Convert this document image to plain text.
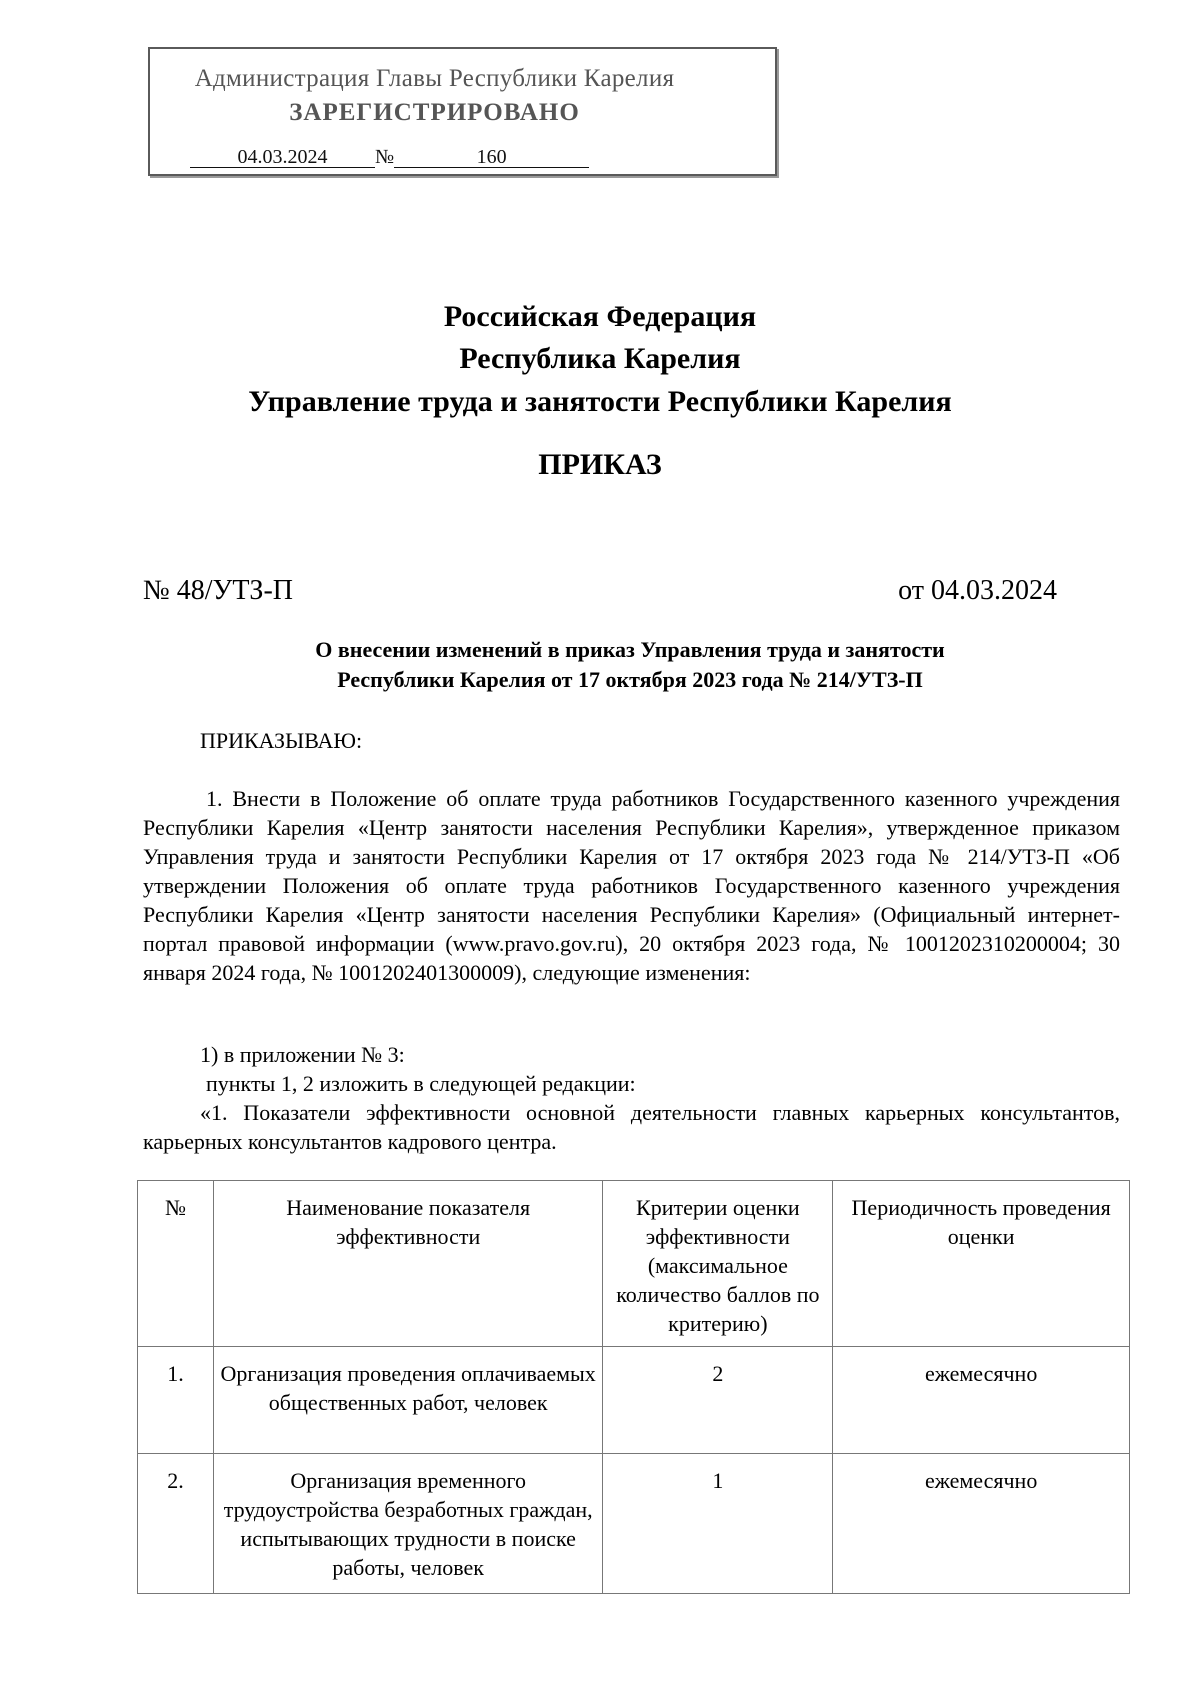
Администрация Главы Республики Карелия
ЗАРЕГИСТРИРОВАНО
04.03.2024 №	160
Российская Федерация
Республика Карелия
Управление труда и занятости Республики Карелия
ПРИКАЗ
№ 48/УТЗ-П	от 04.03.2024
О внесении изменений в приказ Управления труда и занятости
Республики Карелия от 17 октября 2023 года № 214/УТЗ-П
ПРИКАЗЫВАЮ:
1. Внести в Положение об оплате труда работников Государственного казенного учреждения Республики Карелия «Центр занятости населения Республики Карелия», утвержденное приказом Управления труда и занятости Республики Карелия от 17 октября 2023 года № 214/УТЗ-П «Об утверждении Положения об оплате труда работников Государственного казенного учреждения Республики Карелия «Центр занятости населения Республики Карелия» (Официальный интернет-портал правовой информации (www.pravo.gov.ru), 20 октября 2023 года, № 1001202310200004; 30 января 2024 года, № 1001202401300009), следующие изменения:
1) в приложении № 3:
пункты 1, 2 изложить в следующей редакции:
«1. Показатели эффективности основной деятельности главных карьерных консультантов, карьерных консультантов кадрового центра.
№	Наименование показателя эффективности	Критерии оценки эффективности (максимальное количество баллов по критерию)	Периодичность проведения оценки
1.	Организация проведения оплачиваемых общественных работ, человек	2	ежемесячно
2.	Организация временного трудоустройства безработных граждан, испытывающих трудности в поиске работы, человек	1	ежемесячно
